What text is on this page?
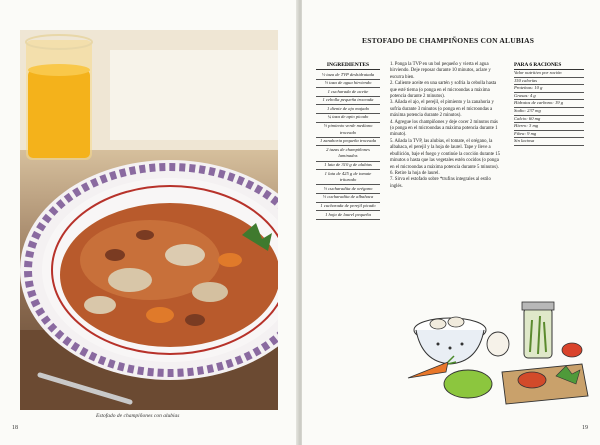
Estofado de champiñones con alubias
18
ESTOFADO DE CHAMPIÑONES CON ALUBIAS
INGREDIENTES
½ taza de TVP deshidratada
½ taza de agua hirviendo
1 cucharada de aceite
1 cebolla pequeña troceada
1 diente de ajo majado
¼ taza de apio picado
½ pimiento verde mediano troceado
1 zanahoria pequeña troceada
2 tazas de champiñones laminados
1 lata de 310 g de alubias
1 lata de 425 g de tomate triturado
½ cucharadita de orégano
½ cucharadita de albahaca
1 cucharada de perejil picado
1 hoja de laurel pequeña

1. Ponga la TVP en un bol pequeño y vierta el agua hirviendo. Deje reposar durante 10 minutos, aclare y escurra bien.

2. Caliente aceite en una sartén y sofría la cebolla hasta que esté tierna (o ponga en el microondas a máxima potencia durante 2 minutos).

3. Añada el ajo, el perejil, el pimiento y la zanahoria y sofría durante 3 minutos (o ponga en el microondas a máxima potencia durante 2 minutos).

4. Agregue los champiñones y deje cocer 2 minutos más (o ponga en el microondas a máxima potencia durante 1 minuto).

5. Añada la TVP, las alubias, el tomate, el orégano, la albahaca, el perejil y la hoja de laurel. Tape y lleve a ebullición, baje el fuego y continúe la cocción durante 15 minutos o hasta que las vegetales estén cocidos (o ponga en el microondas a máxima potencia durante 5 minutos).

6. Retire la hoja de laurel.

7. Sirva el estofado sobre *trufins integrales al estilo inglés.

PARA 6 RACIONES
Valor nutritivo por ración
150 calorías
Proteínas: 10 g
Grasas: 4 g
Hidratos de carbono: 19 g
Sodio: 237 mg
Calcio: 60 mg
Hierro: 3 mg
Fibra: 9 mg
Sin lactosa
19
